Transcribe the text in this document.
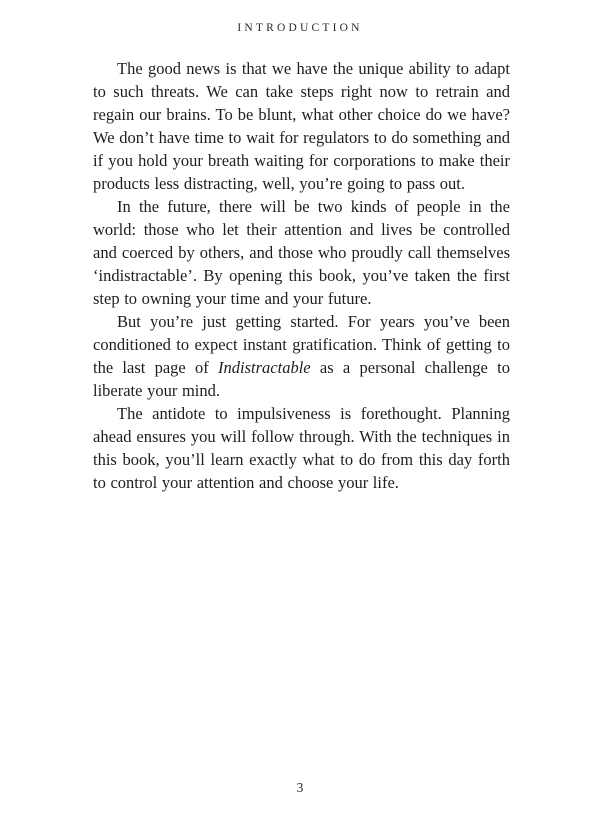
INTRODUCTION

The good news is that we have the unique ability to adapt to such threats. We can take steps right now to retrain and regain our brains. To be blunt, what other choice do we have? We don’t have time to wait for regulators to do something and if you hold your breath waiting for corporations to make their products less distracting, well, you’re going to pass out.

In the future, there will be two kinds of people in the world: those who let their attention and lives be controlled and coerced by others, and those who proudly call themselves ‘indistractable’. By opening this book, you’ve taken the first step to owning your time and your future.

But you’re just getting started. For years you’ve been conditioned to expect instant gratification. Think of getting to the last page of Indistractable as a personal challenge to liberate your mind.

The antidote to impulsiveness is forethought. Planning ahead ensures you will follow through. With the techniques in this book, you’ll learn exactly what to do from this day forth to control your attention and choose your life.

3
